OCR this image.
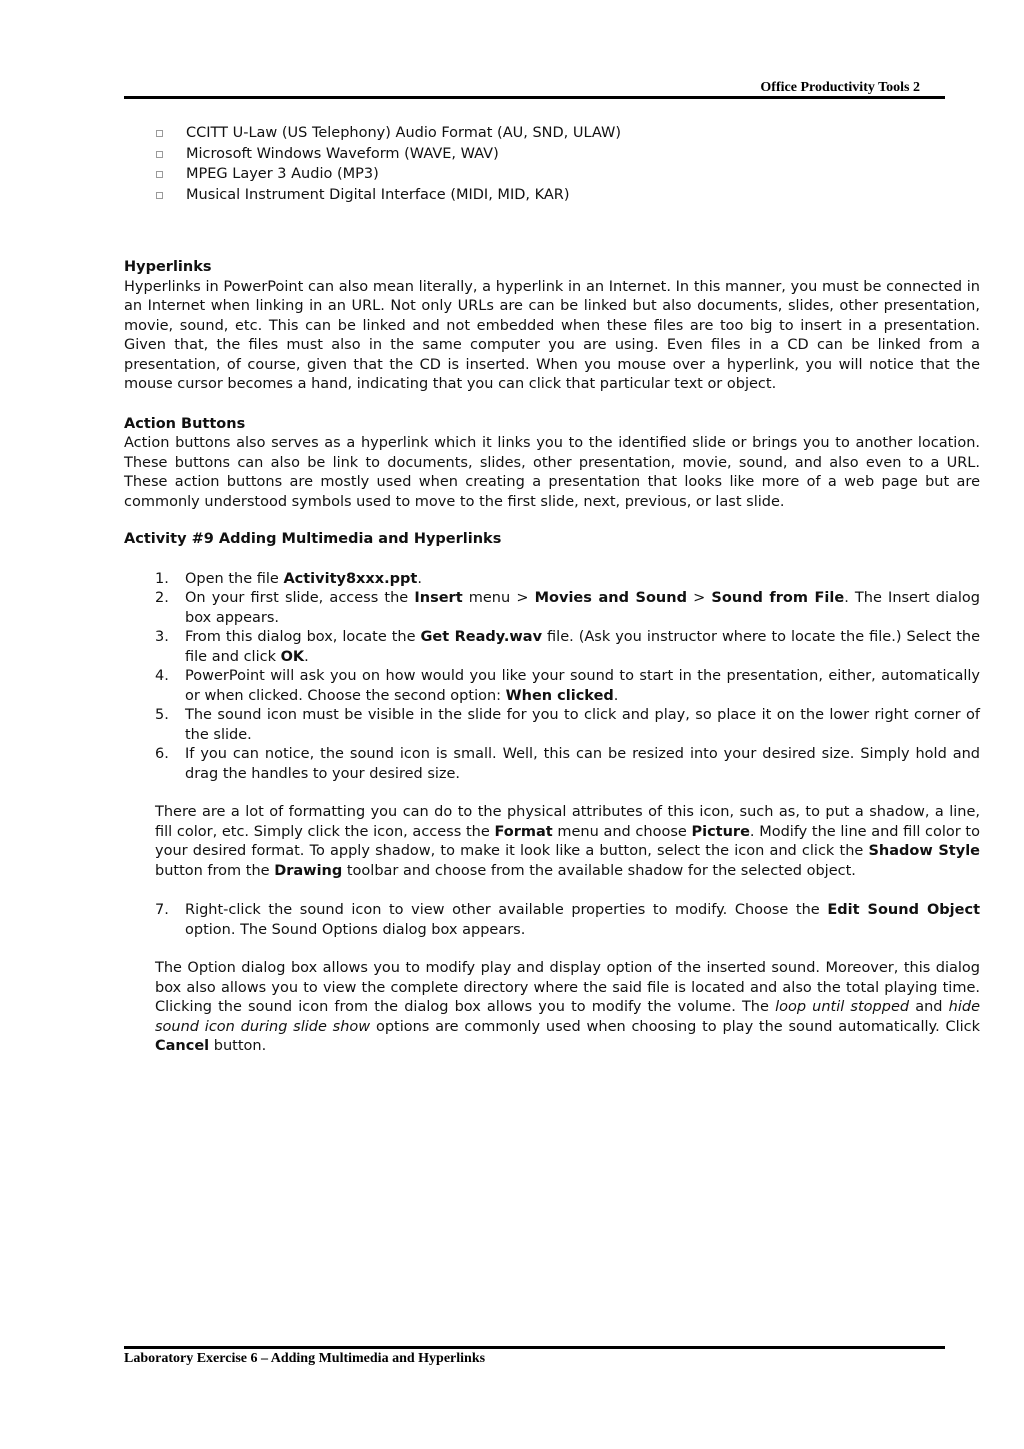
Office Productivity Tools 2
CCITT U-Law (US Telephony) Audio Format (AU, SND, ULAW)
Microsoft Windows Waveform (WAVE, WAV)
MPEG Layer 3 Audio (MP3)
Musical Instrument Digital Interface (MIDI, MID, KAR)

Hyperlinks

Hyperlinks in PowerPoint can also mean literally, a hyperlink in an Internet. In this manner, you must be connected in an Internet when linking in an URL. Not only URLs are can be linked but also documents, slides, other presentation, movie, sound, etc. This can be linked and not embedded when these files are too big to insert in a presentation. Given that, the files must also in the same computer you are using. Even files in a CD can be linked from a presentation, of course, given that the CD is inserted. When you mouse over a hyperlink, you will notice that the mouse cursor becomes a hand, indicating that you can click that particular text or object.

Action Buttons

Action buttons also serves as a hyperlink which it links you to the identified slide or brings you to another location. These buttons can also be link to documents, slides, other presentation, movie, sound, and also even to a URL. These action buttons are mostly used when creating a presentation that looks like more of a web page but are commonly understood symbols used to move to the first slide, next, previous, or last slide.

Activity #9 Adding Multimedia and Hyperlinks

1. Open the file Activity8xxx.ppt.
2. On your first slide, access the Insert menu > Movies and Sound > Sound from File. The Insert dialog box appears.
3. From this dialog box, locate the Get Ready.wav file. (Ask you instructor where to locate the file.) Select the file and click OK.
4. PowerPoint will ask you on how would you like your sound to start in the presentation, either, automatically or when clicked. Choose the second option: When clicked.
5. The sound icon must be visible in the slide for you to click and play, so place it on the lower right corner of the slide.
6. If you can notice, the sound icon is small. Well, this can be resized into your desired size. Simply hold and drag the handles to your desired size.

There are a lot of formatting you can do to the physical attributes of this icon, such as, to put a shadow, a line, fill color, etc. Simply click the icon, access the Format menu and choose Picture. Modify the line and fill color to your desired format. To apply shadow, to make it look like a button, select the icon and click the Shadow Style button from the Drawing toolbar and choose from the available shadow for the selected object.

7. Right-click the sound icon to view other available properties to modify. Choose the Edit Sound Object option. The Sound Options dialog box appears.

The Option dialog box allows you to modify play and display option of the inserted sound. Moreover, this dialog box also allows you to view the complete directory where the said file is located and also the total playing time. Clicking the sound icon from the dialog box allows you to modify the volume. The loop until stopped and hide sound icon during slide show options are commonly used when choosing to play the sound automatically. Click Cancel button.

Laboratory Exercise 6 – Adding Multimedia and Hyperlinks
